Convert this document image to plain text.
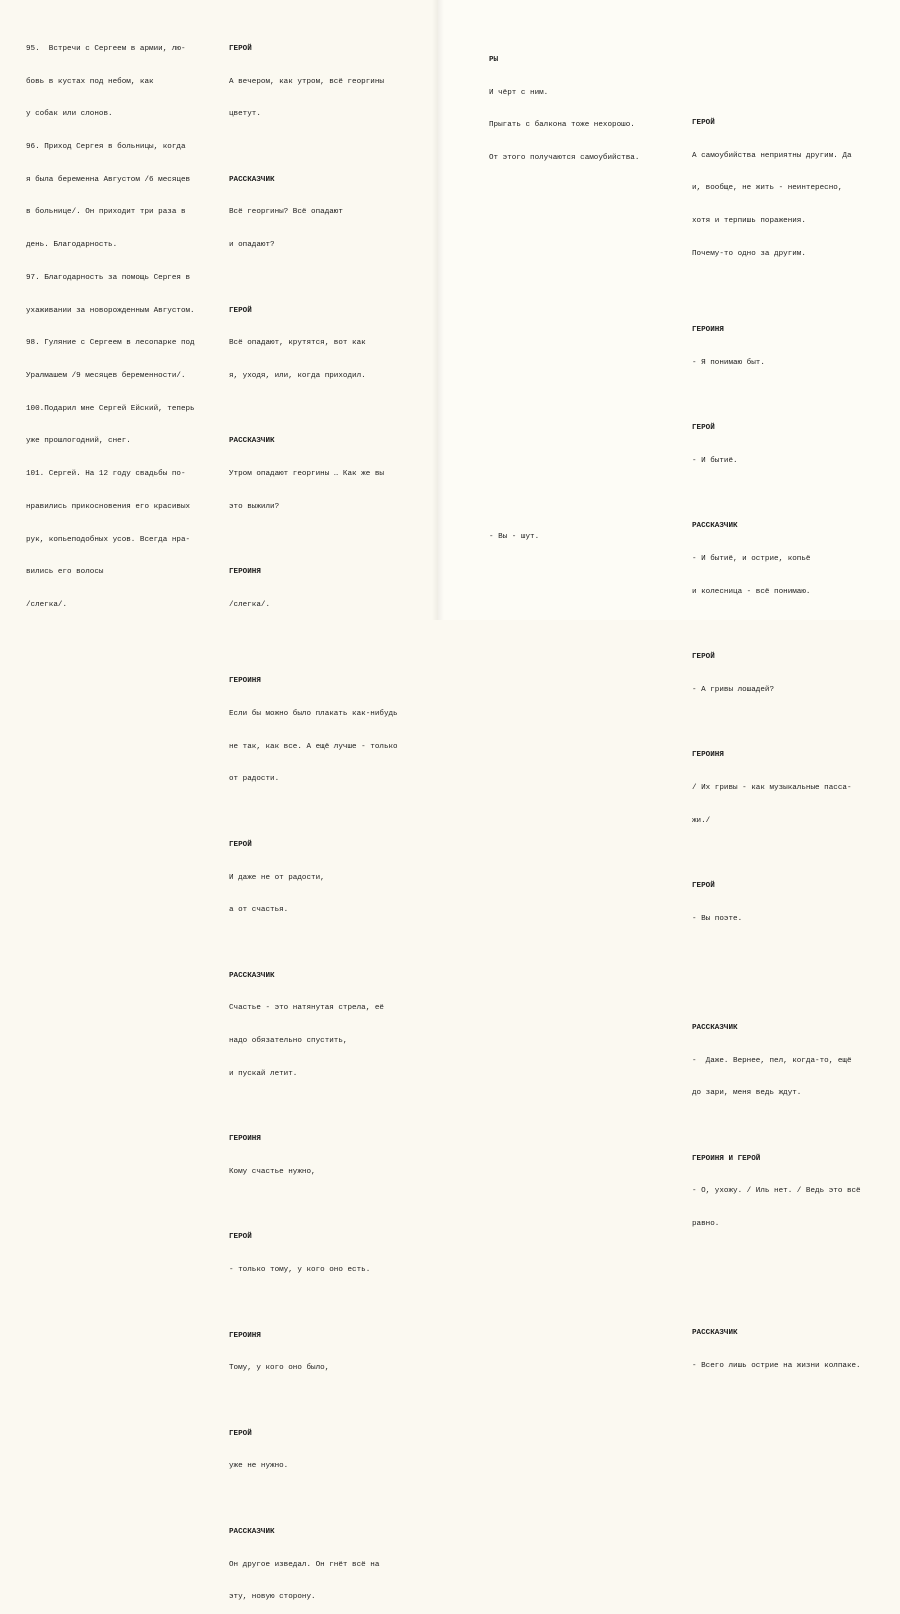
95.  Встречи с Сергеем в армии, лю-

бовь в кустах под небом, как

у собак или слонов.

96. Приход Сергея в больницы, когда

я была беременна Августом /6 месяцев

в больнице/. Он приходит три раза в

день. Благодарность.

97. Благодарность за помощь Сергея в

ухаживании за новорожденным Августом.

98. Гуляние с Сергеем в лесопарке под

Уралмашем /9 месяцев беременности/.

100.Подарил мне Сергей Ейский, теперь

уже прошлогодний, снег.

101. Сергей. На 12 году свадьбы по-

нравились прикосновения его красивых

рук, копьеподобных усов. Всегда нра-

вились его волосы

/слегка/.

ГЕРОЙ

А вечером, как утром, всё георгины

цветут.

РАССКАЗЧИК

Всё георгины? Всё опадают

и опадают?

ГЕРОЙ

Всё опадают, крутятся, вот как

я, уходя, или, когда приходил.

РАССКАЗЧИК

Утром опадают георгины … Как же вы

это выжили?

ГЕРОИНЯ

/слегка/.

ГЕРОИНЯ

Если бы можно было плакать как-нибудь

не так, как все. А ещё лучше - только

от радости.

ГЕРОЙ

И даже не от радости,

а от счастья.

РАССКАЗЧИК

Счастье - это натянутая стрела, её

надо обязательно спустить,

и пускай летит.

ГЕРОИНЯ

Кому счастье нужно,

ГЕРОЙ

- только тому, у кого оно есть.

ГЕРОИНЯ

Тому, у кого оно было,

ГЕРОЙ

уже не нужно.

РАССКАЗЧИК

Он другое изведал. Он гнёт всё на

эту, новую сторону.

РЫ

И чёрт с ним.

Прыгать с балкона тоже нехорошо.

От этого получаются самоубийства.

- Вы - шут.

ГЕРОЙ

А самоубийства неприятны другим. Да

и, вообще, не жить - неинтересно,

хотя и терпишь поражения.

Почему-то одно за другим.

ГЕРОИНЯ

- Я понимаю быт.

ГЕРОЙ

- И бытиё.

РАССКАЗЧИК

- И бытиё, и острие, копьё

и колесница - всё понимаю.

ГЕРОЙ

- А гривы лошадей?

ГЕРОИНЯ

/ Их гривы - как музыкальные пасса-

жи./

ГЕРОЙ

- Вы поэте.

РАССКАЗЧИК

-  Даже. Вернее, пел, когда-то, ещё

до зари, меня ведь ждут.

ГЕРОИНЯ И ГЕРОЙ

- О, ухожу. / Иль нет. / Ведь это всё

равно.

РАССКАЗЧИК

- Всего лишь острие на жизни колпаке.
